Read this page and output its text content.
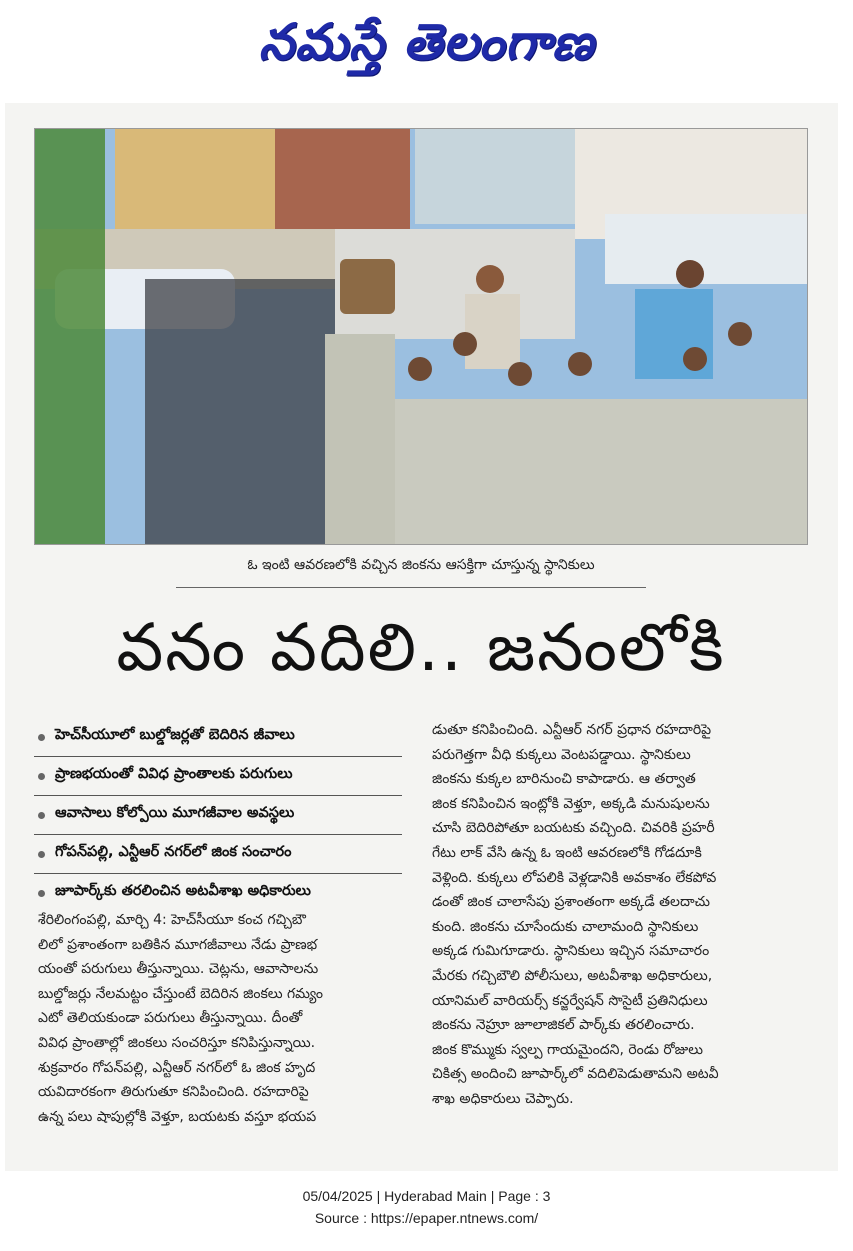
నమస్తే తెలంగాణ
ఓ ఇంటి ఆవరణలోకి వచ్చిన జింకను ఆసక్తిగా చూస్తున్న స్థానికులు
వనం వదిలి.. జనంలోకి
హెచ్‌సీయూలో బుల్డోజర్లతో బెదిరిన జీవాలు
ప్రాణభయంతో వివిధ ప్రాంతాలకు పరుగులు
ఆవాసాలు కోల్పోయి మూగజీవాల అవస్థలు
గోపన్‌పల్లి, ఎన్టీఆర్ నగర్‌లో జింక సంచారం
జూపార్క్‌కు తరలించిన అటవీశాఖ అధికారులు

శేరిలింగంపల్లి, మార్చి 4: హెచ్‌సీయూ కంచ గచ్చిబౌ

లిలో ప్రశాంతంగా బతికిన మూగజీవాలు నేడు ప్రాణభ

యంతో పరుగులు తీస్తున్నాయి. చెట్లను, ఆవాసాలను

బుల్డోజర్లు నేలమట్టం చేస్తుంటే బెదిరిన జింకలు గమ్యం

ఎటో తెలియకుండా పరుగులు తీస్తున్నాయి. దీంతో

వివిధ ప్రాంతాల్లో జింకలు సంచరిస్తూ కనిపిస్తున్నాయి.

శుక్రవారం గోపన్‌పల్లి, ఎన్టీఆర్ నగర్‌లో ఓ జింక హృద

యవిదారకంగా తిరుగుతూ కనిపించింది. రహదారిపై

ఉన్న పలు షాపుల్లోకి వెళ్తూ, బయటకు వస్తూ భయప

డుతూ కనిపించింది. ఎన్టీఆర్ నగర్ ప్రధాన రహదారిపై

పరుగెత్తగా వీధి కుక్కలు వెంటపడ్డాయి. స్థానికులు

జింకను కుక్కల బారినుంచి కాపాడారు. ఆ తర్వాత

జింక కనిపించిన ఇంట్లోకి వెళ్తూ, అక్కడి మనుషులను

చూసి బెదిరిపోతూ బయటకు వచ్చింది. చివరికి ప్రహరీ

గేటు లాక్ వేసి ఉన్న ఓ ఇంటి ఆవరణలోకి గోడదూకి

వెళ్లింది. కుక్కలు లోపలికి వెళ్లడానికి అవకాశం లేకపోవ

డంతో జింక చాలాసేపు ప్రశాంతంగా అక్కడే తలదాచు

కుంది. జింకను చూసేందుకు చాలామంది స్థానికులు

అక్కడ గుమిగూడారు. స్థానికులు ఇచ్చిన సమాచారం

మేరకు గచ్చిబౌలి పోలీసులు, అటవీశాఖ అధికారులు,

యానిమల్ వారియర్స్ కన్జర్వేషన్ సొసైటీ ప్రతినిధులు

జింకను నెహ్రూ జూలాజికల్ పార్క్‌కు తరలించారు.

జింక కొమ్ముకు స్వల్ప గాయమైందని, రెండు రోజులు

చికిత్స అందించి జూపార్క్‌లో వదిలిపెడుతామని అటవీ

శాఖ అధికారులు చెప్పారు.

05/04/2025 | Hyderabad Main | Page : 3
Source : https://epaper.ntnews.com/
